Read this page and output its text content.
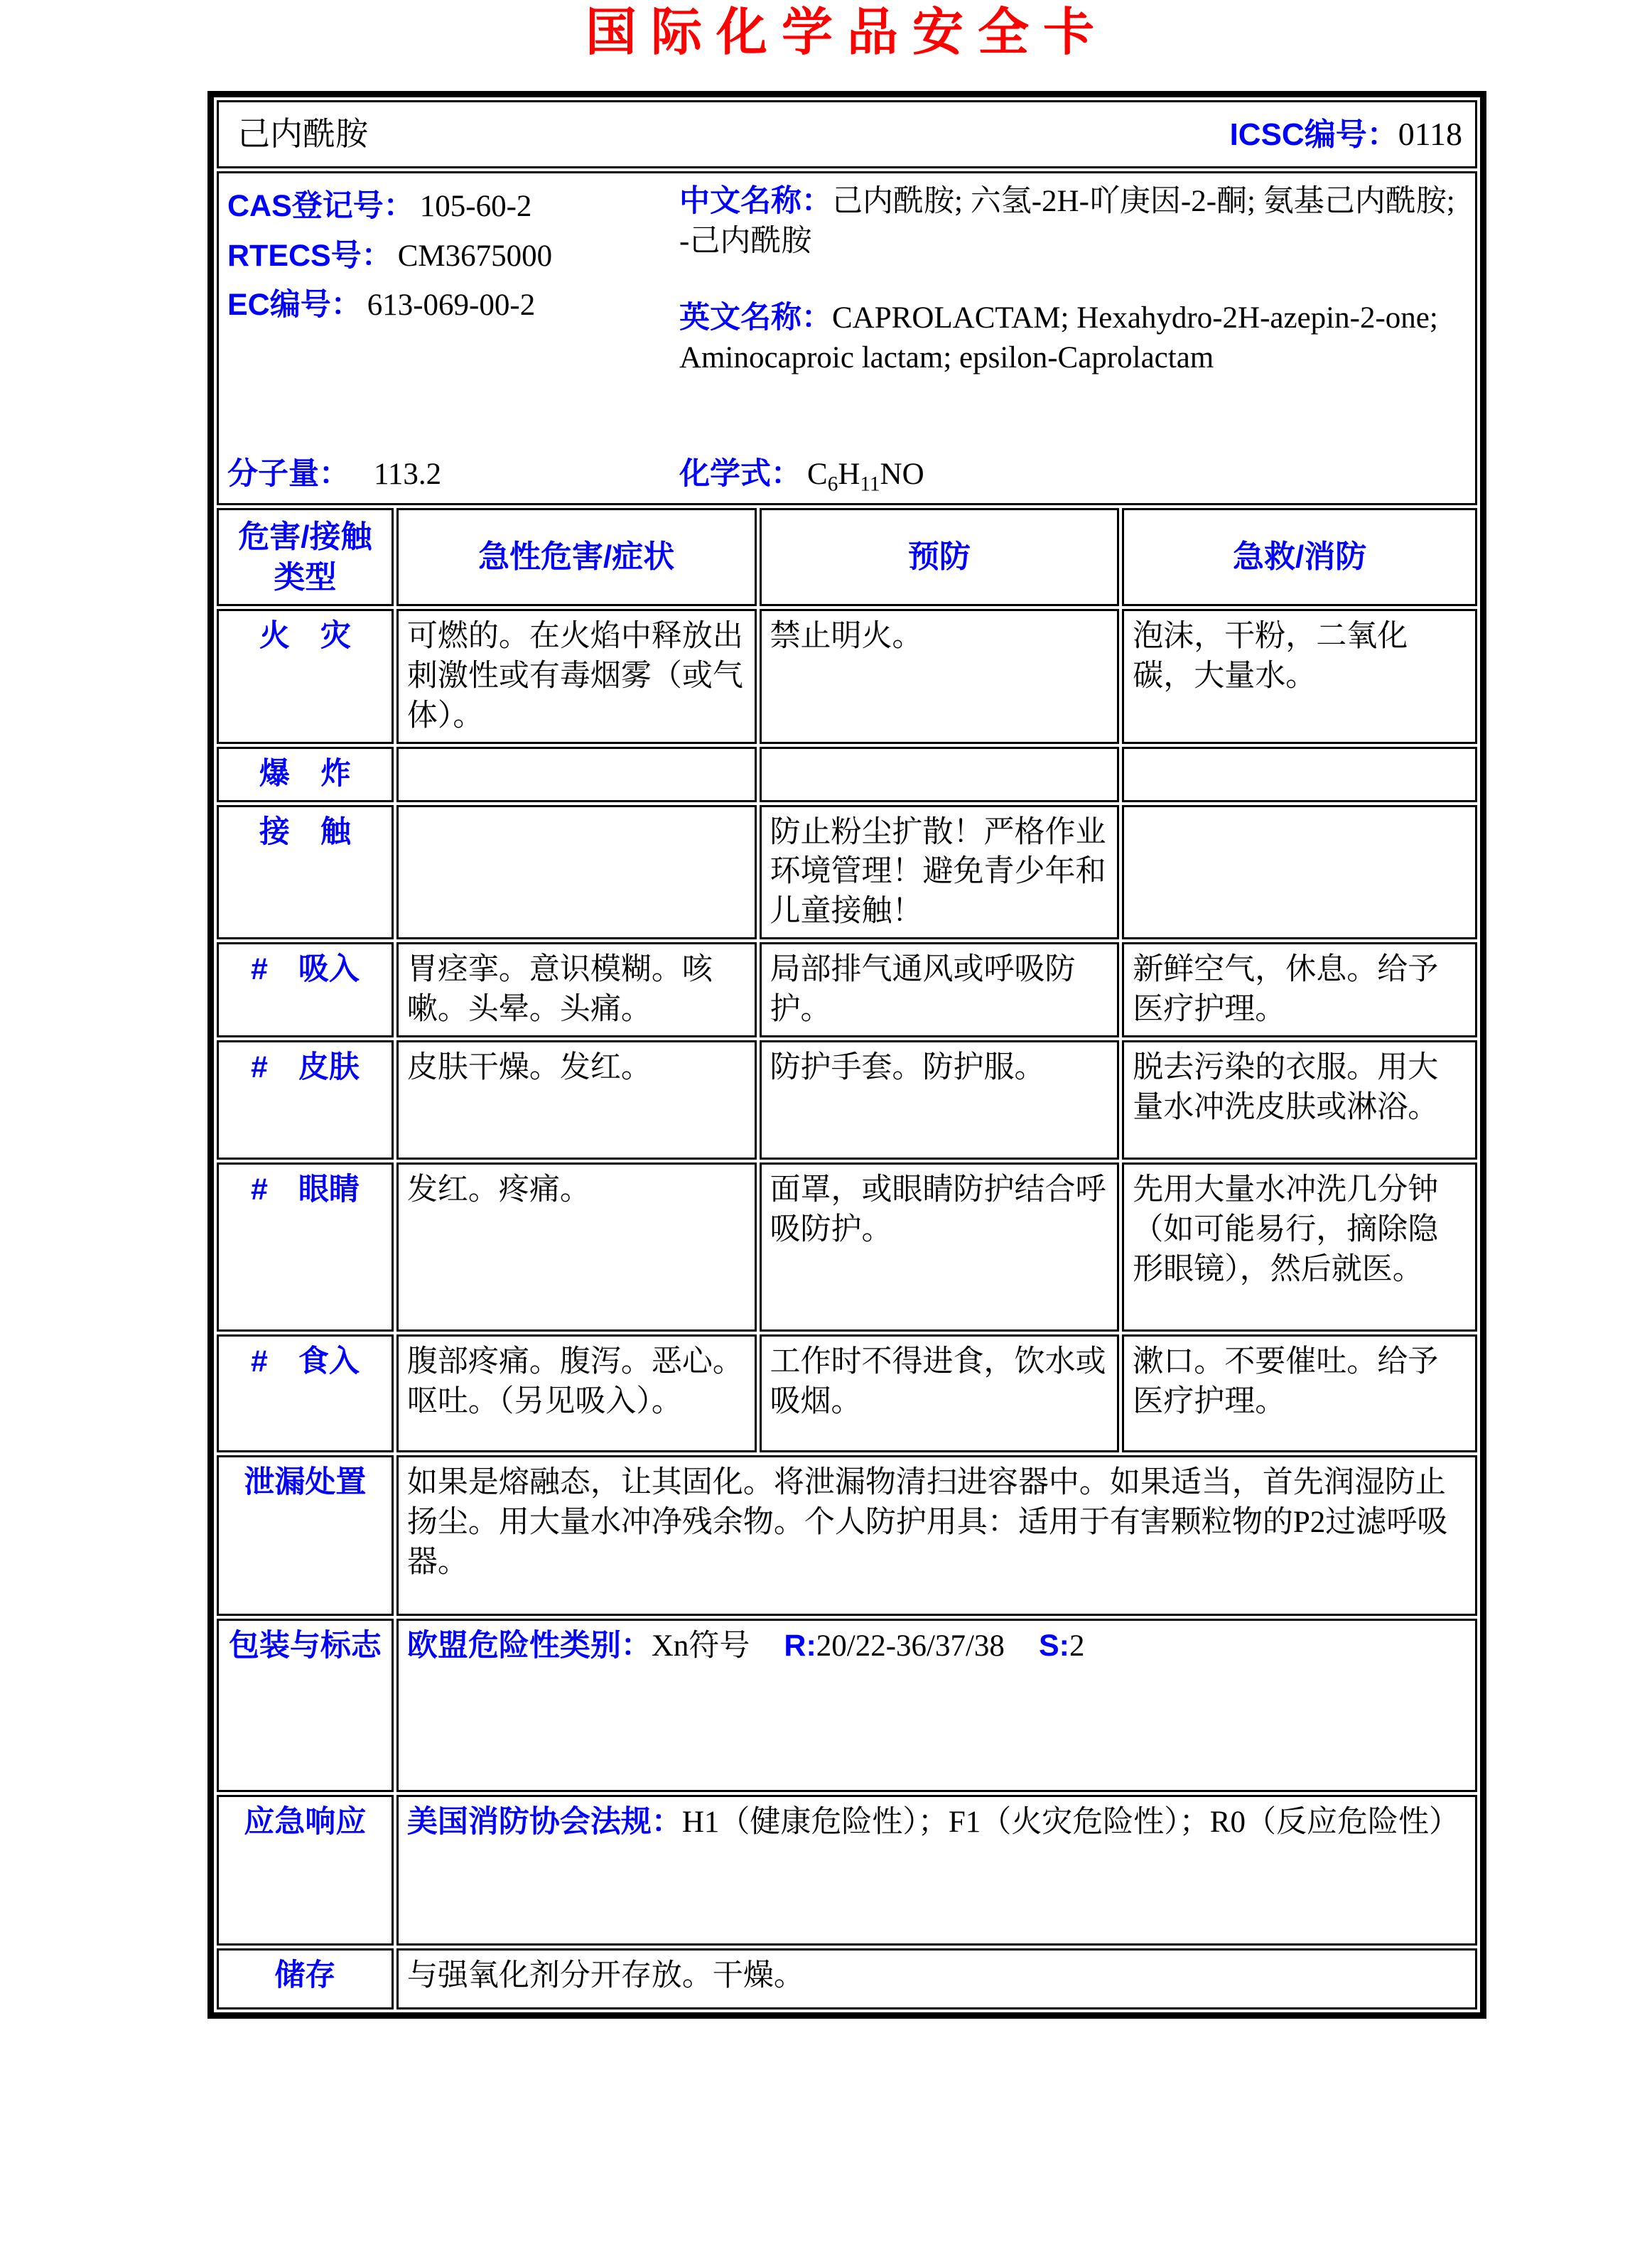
国际化学品安全卡
己内酰胺 ICSC编号：0118			

CAS登记号： 105-60-2
RTECS号： CM3675000
EC编号： 613-069-00-2

中文名称：己内酰胺; 六氢-2H-吖庚因-2-酮; 氨基己内酰胺; -己内酰胺

英文名称：CAPROLACTAM; Hexahydro-2H-azepin-2-one; Aminocaproic lactam; epsilon-Caprolactam

分子量： 113.2	化学式： $C_6H_{11}NO$

危害/接触类型	急性危害/症状	预防	急救/消防
火　灾	可燃的。在火焰中释放出刺激性或有毒烟雾（或气体）。	禁止明火。	泡沫，干粉，二氧化碳，大量水。
爆　炸			
接　触		防止粉尘扩散！严格作业环境管理！避免青少年和儿童接触！	
#　吸入	胃痉挛。意识模糊。咳嗽。头晕。头痛。	局部排气通风或呼吸防护。	新鲜空气，休息。给予医疗护理。
#　皮肤	皮肤干燥。发红。	防护手套。防护服。	脱去污染的衣服。用大量水冲洗皮肤或淋浴。
#　眼睛	发红。疼痛。	面罩，或眼睛防护结合呼吸防护。	先用大量水冲洗几分钟（如可能易行，摘除隐形眼镜），然后就医。
#　食入	腹部疼痛。腹泻。恶心。呕吐。（另见吸入）。	工作时不得进食，饮水或吸烟。	漱口。不要催吐。给予医疗护理。
泄漏处置	如果是熔融态，让其固化。将泄漏物清扫进容器中。如果适当，首先润湿防止扬尘。用大量水冲净残余物。个人防护用具：适用于有害颗粒物的P2过滤呼吸器。		
包装与标志	欧盟危险性类别：Xn符号 R:20/22-36/37/38 S:2		

应急响应	美国消防协会法规：H1（健康危险性）；F1（火灾危险性）；R0（反应危险性）		

储存	与强氧化剂分开存放。干燥。		
